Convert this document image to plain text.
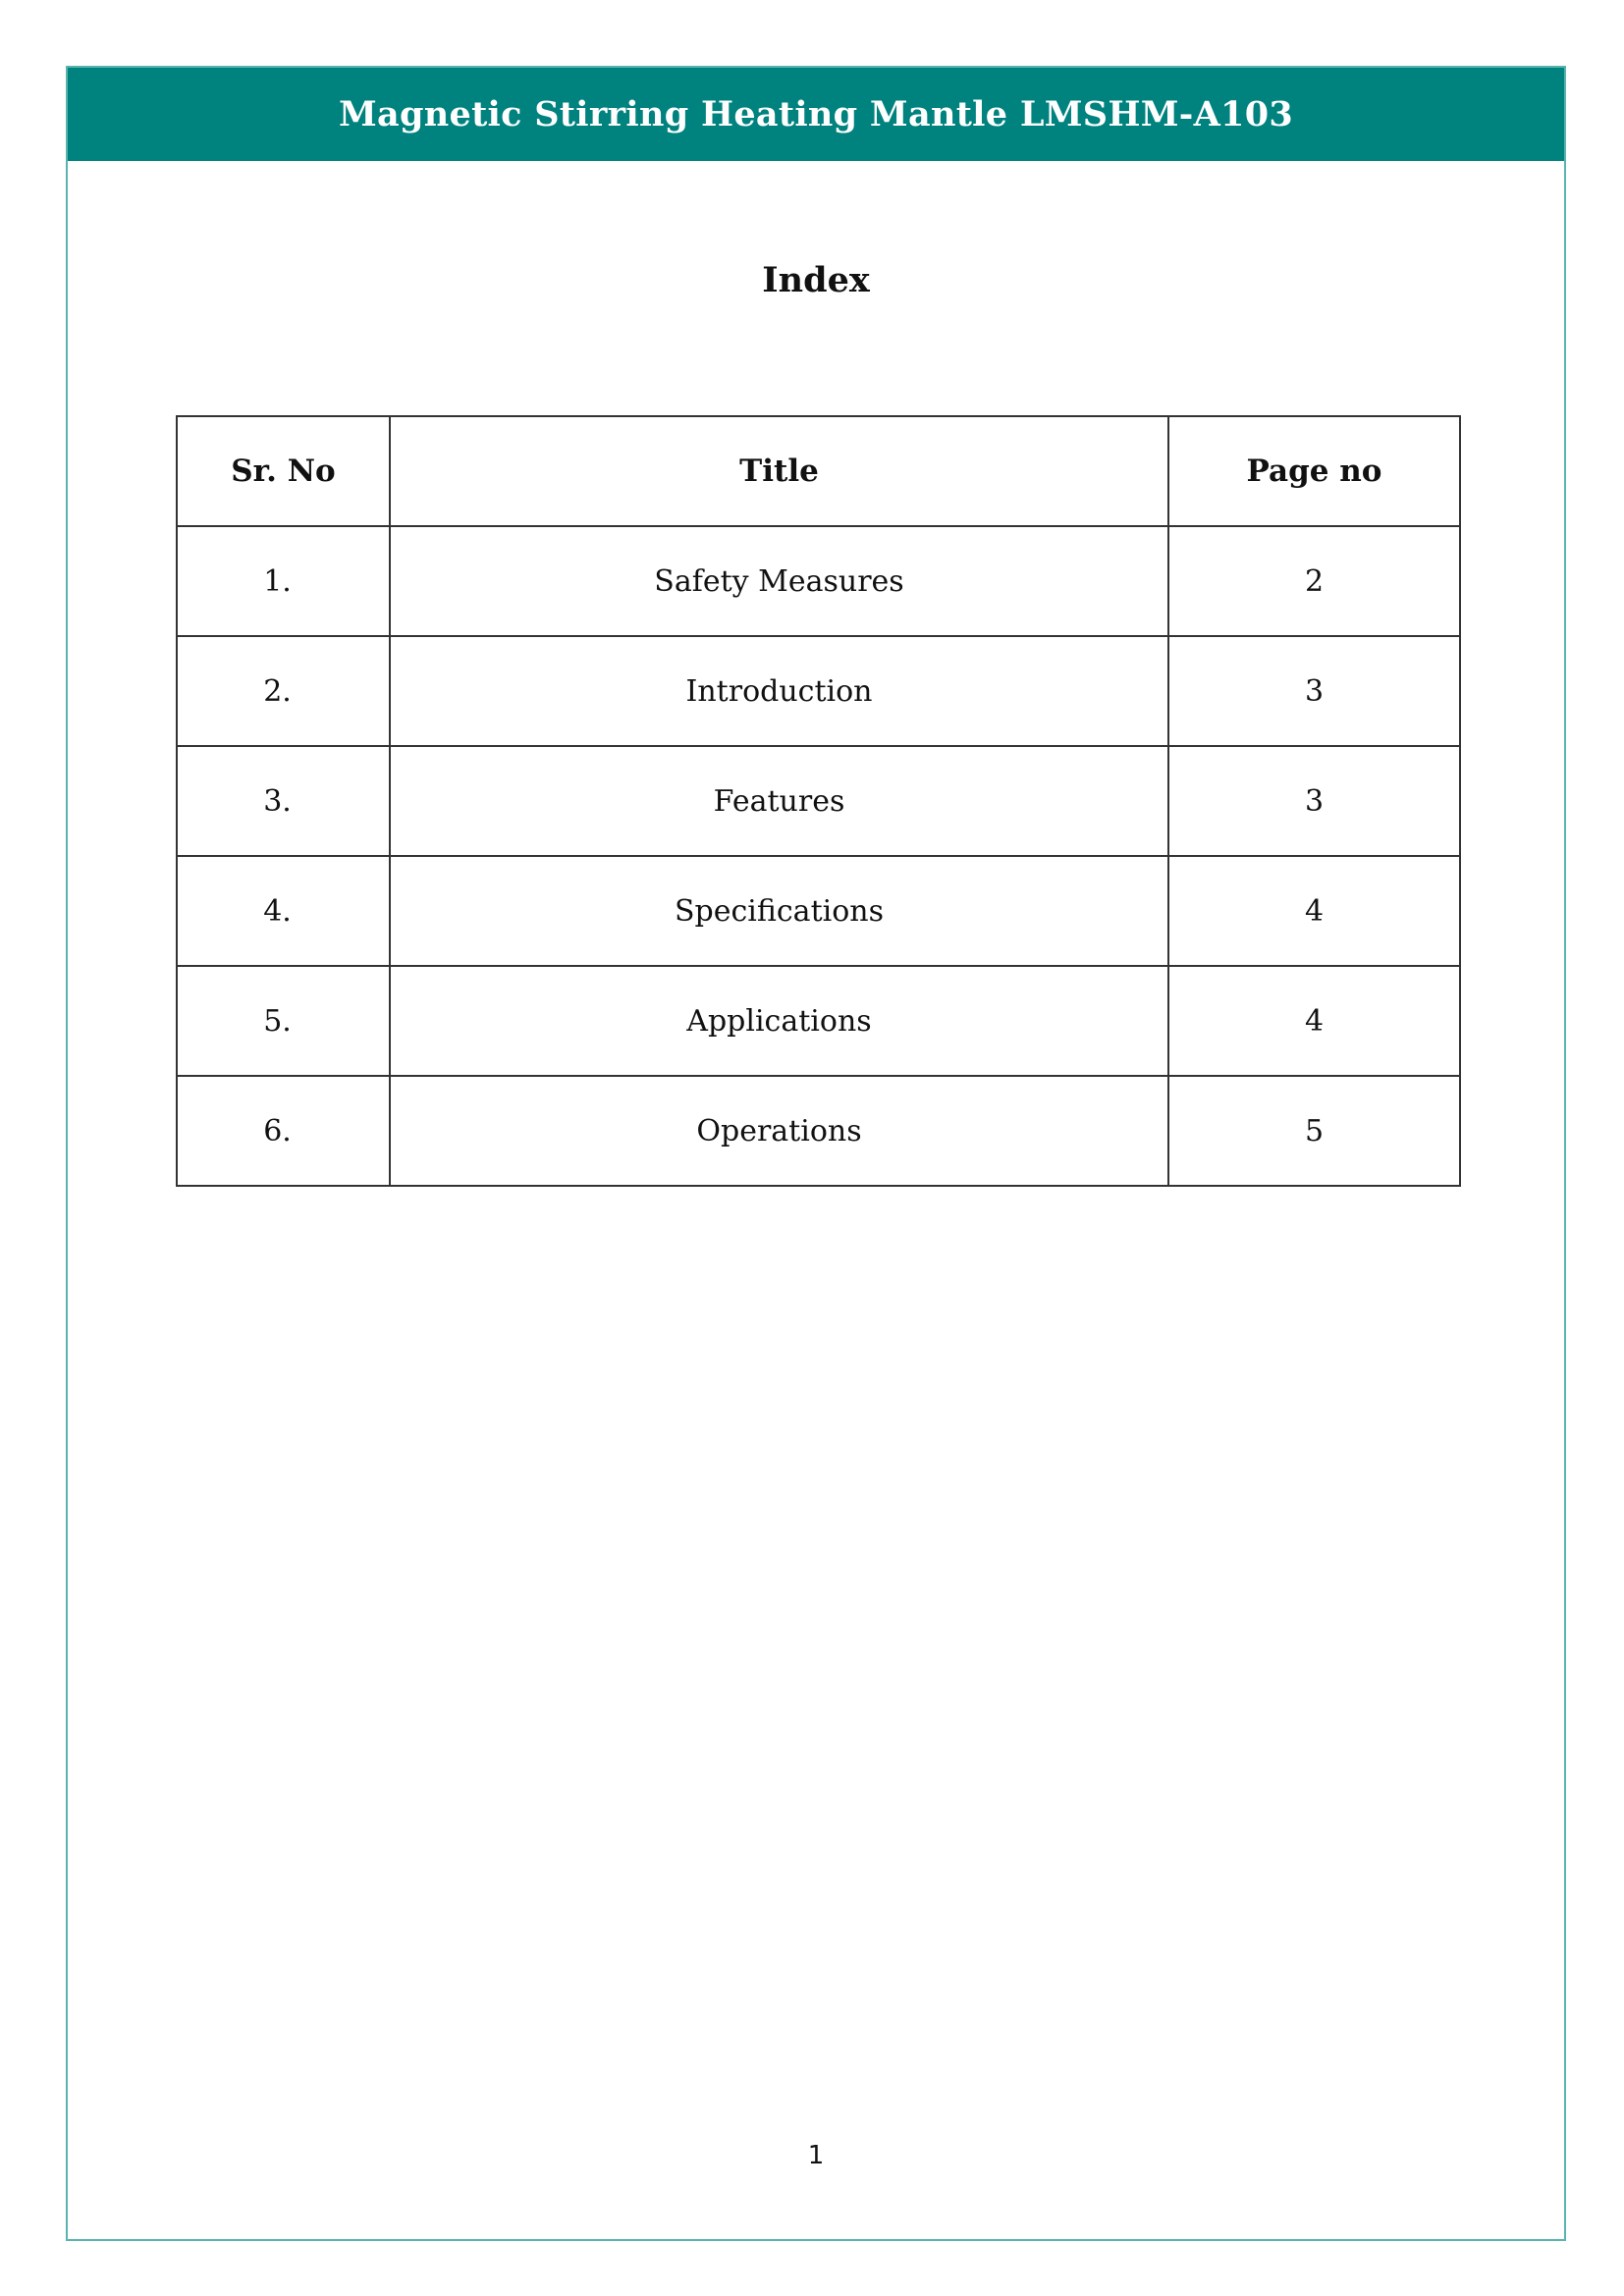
Magnetic Stirring Heating Mantle LMSHM-A103
Index
Sr. No	Title	Page no
1.	Safety Measures	2
2.	Introduction	3
3.	Features	3
4.	Specifications	4
5.	Applications	4
6.	Operations	5
1
